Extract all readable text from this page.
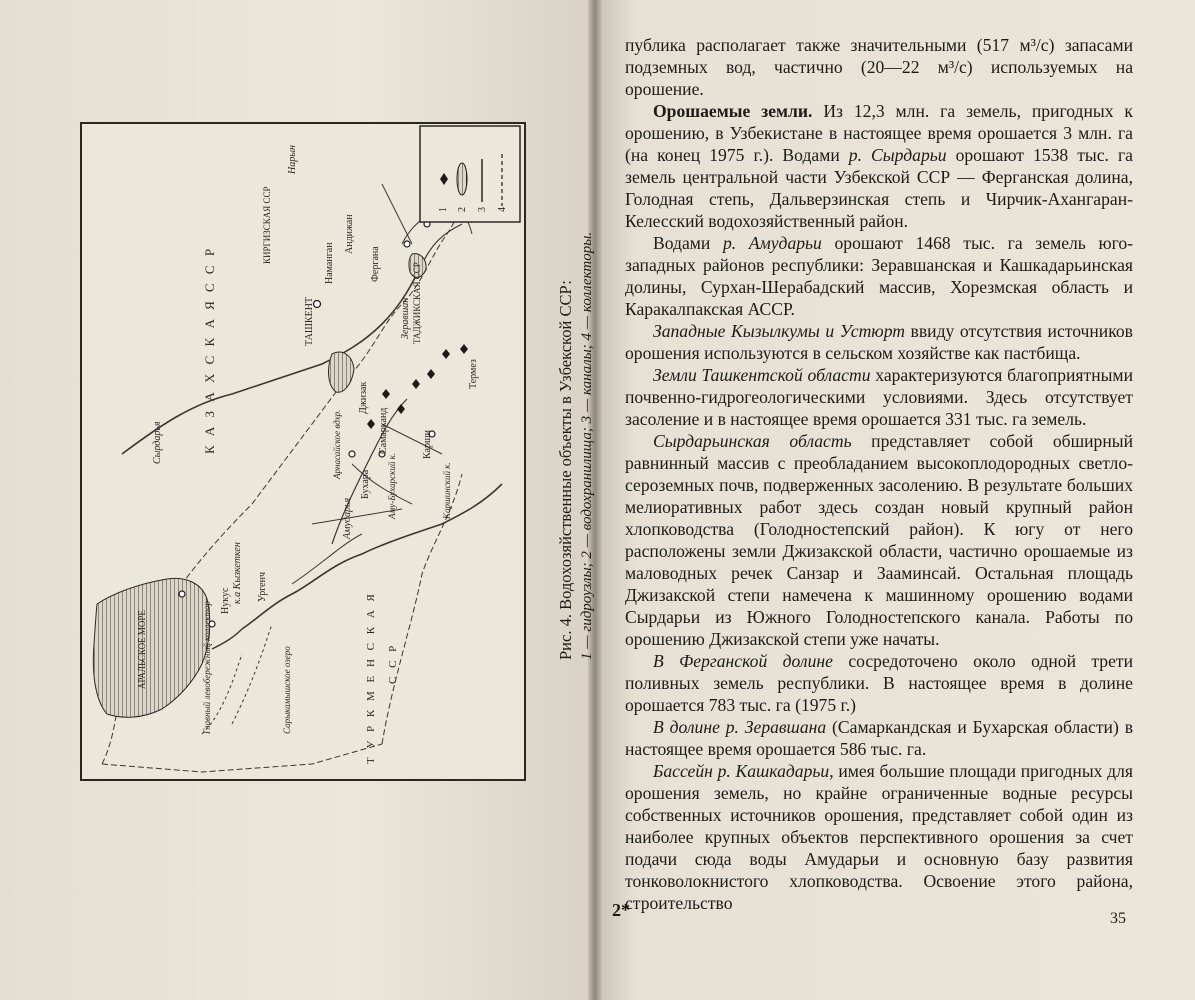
1 2 3 4
К А З А Х С К А Я С С Р
Т У Р К М Е Н С К А Я С С Р
КИРГИЗСКАЯ ССР
ТАДЖИКСКАЯ ССР
АРАЛЬСКОЕ МОРЕ
ТАШКЕНТ
Фергана
Наманган
Андижан
Джизак
Самарканд
Бухара
Карши
Ургенч
Нукус
Термез
Сырдарья
Амударья
Нарын
Зеравшан
к.а Кызкеткен
Главный левобережный коллектор	Сарыкамышское озеро
Аму-Бухарский к.	Каршинский к.
Арнасайское вдхр.	Рис. 4. Водохозяйственные объекты в Узбекской ССР: 1 — гидроузлы; 2 — водохранилища; 3 — каналы; 4 — коллекторы.

публика располагает также значительными (517 м³/с) запасами подземных вод, частично (20—22 м³/с) используемых на орошение.

Орошаемые земли. Из 12,3 млн. га земель, пригодных к орошению, в Узбекистане в настоящее время орошается 3 млн. га (на конец 1975 г.). Водами р. Сырдарьи орошают 1538 тыс. га земель центральной части Узбекской ССР — Ферганская долина, Голодная степь, Дальверзинская степь и Чирчик-Ахангаран-Келесский водохозяйственный район.

Водами р. Амударьи орошают 1468 тыс. га земель юго-западных районов республики: Зеравшанская и Кашкадарьинская долины, Сурхан-Шерабадский массив, Хорезмская область и Каракалпакская АССР.

Западные Кызылкумы и Устюрт ввиду отсутствия источников орошения используются в сельском хозяйстве как пастбища.

Земли Ташкентской области характеризуются благоприятными почвенно-гидрогеологическими условиями. Здесь отсутствует засоление и в настоящее время орошается 331 тыс. га земель.

Сырдарьинская область представляет собой обширный равнинный массив с преобладанием высокоплодородных светло-сероземных почв, подверженных засолению. В результате больших мелиоративных работ здесь создан новый крупный район хлопководства (Голодностепский район). К югу от него расположены земли Джизакской области, частично орошаемые из маловодных речек Санзар и Зааминсай. Остальная площадь Джизакской степи намечена к машинному орошению водами Сырдарьи из Южного Голодностепского канала. Работы по орошению Джизакской степи уже начаты.

В Ферганской долине сосредоточено около одной трети поливных земель республики. В настоящее время в долине орошается 783 тыс. га (1975 г.)

В долине р. Зеравшана (Самаркандская и Бухарская области) в настоящее время орошается 586 тыс. га.

Бассейн р. Кашкадарьи, имея большие площади пригодных для орошения земель, но крайне ограниченные водные ресурсы собственных источников орошения, представляет собой один из наиболее крупных объектов перспективного орошения за счет подачи сюда воды Амударьи и основную базу развития тонковолокнистого хлопководства. Освоение этого района, строительство

2*	35
